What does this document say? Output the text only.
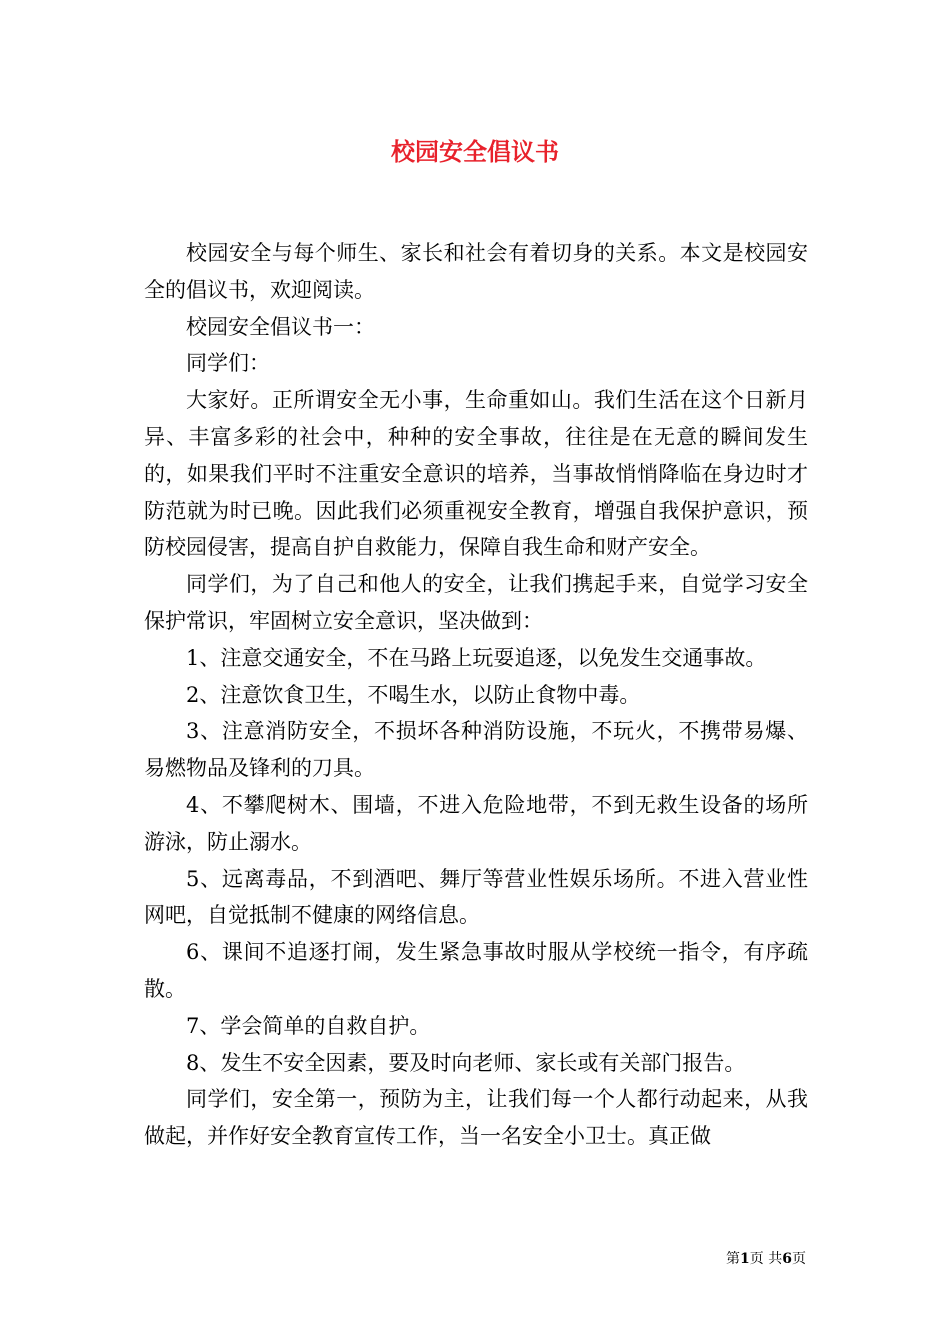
校园安全倡议书

校园安全与每个师生、家长和社会有着切身的关系。本文是校园安全的倡议书，欢迎阅读。

校园安全倡议书一：

同学们：

大家好。正所谓安全无小事，生命重如山。我们生活在这个日新月异、丰富多彩的社会中，种种的安全事故，往往是在无意的瞬间发生的，如果我们平时不注重安全意识的培养，当事故悄悄降临在身边时才防范就为时已晚。因此我们必须重视安全教育，增强自我保护意识，预防校园侵害，提高自护自救能力，保障自我生命和财产安全。

同学们，为了自己和他人的安全，让我们携起手来，自觉学习安全保护常识，牢固树立安全意识，坚决做到：

1、注意交通安全，不在马路上玩耍追逐，以免发生交通事故。

2、注意饮食卫生，不喝生水，以防止食物中毒。

3、注意消防安全，不损坏各种消防设施，不玩火，不携带易爆、易燃物品及锋利的刀具。

4、不攀爬树木、围墙，不进入危险地带，不到无救生设备的场所游泳，防止溺水。

5、远离毒品，不到酒吧、舞厅等营业性娱乐场所。不进入营业性网吧，自觉抵制不健康的网络信息。

6、课间不追逐打闹，发生紧急事故时服从学校统一指令，有序疏散。

7、学会简单的自救自护。

8、发生不安全因素，要及时向老师、家长或有关部门报告。

同学们，安全第一，预防为主，让我们每一个人都行动起来，从我做起，并作好安全教育宣传工作，当一名安全小卫士。真正做

第1页 共6页
